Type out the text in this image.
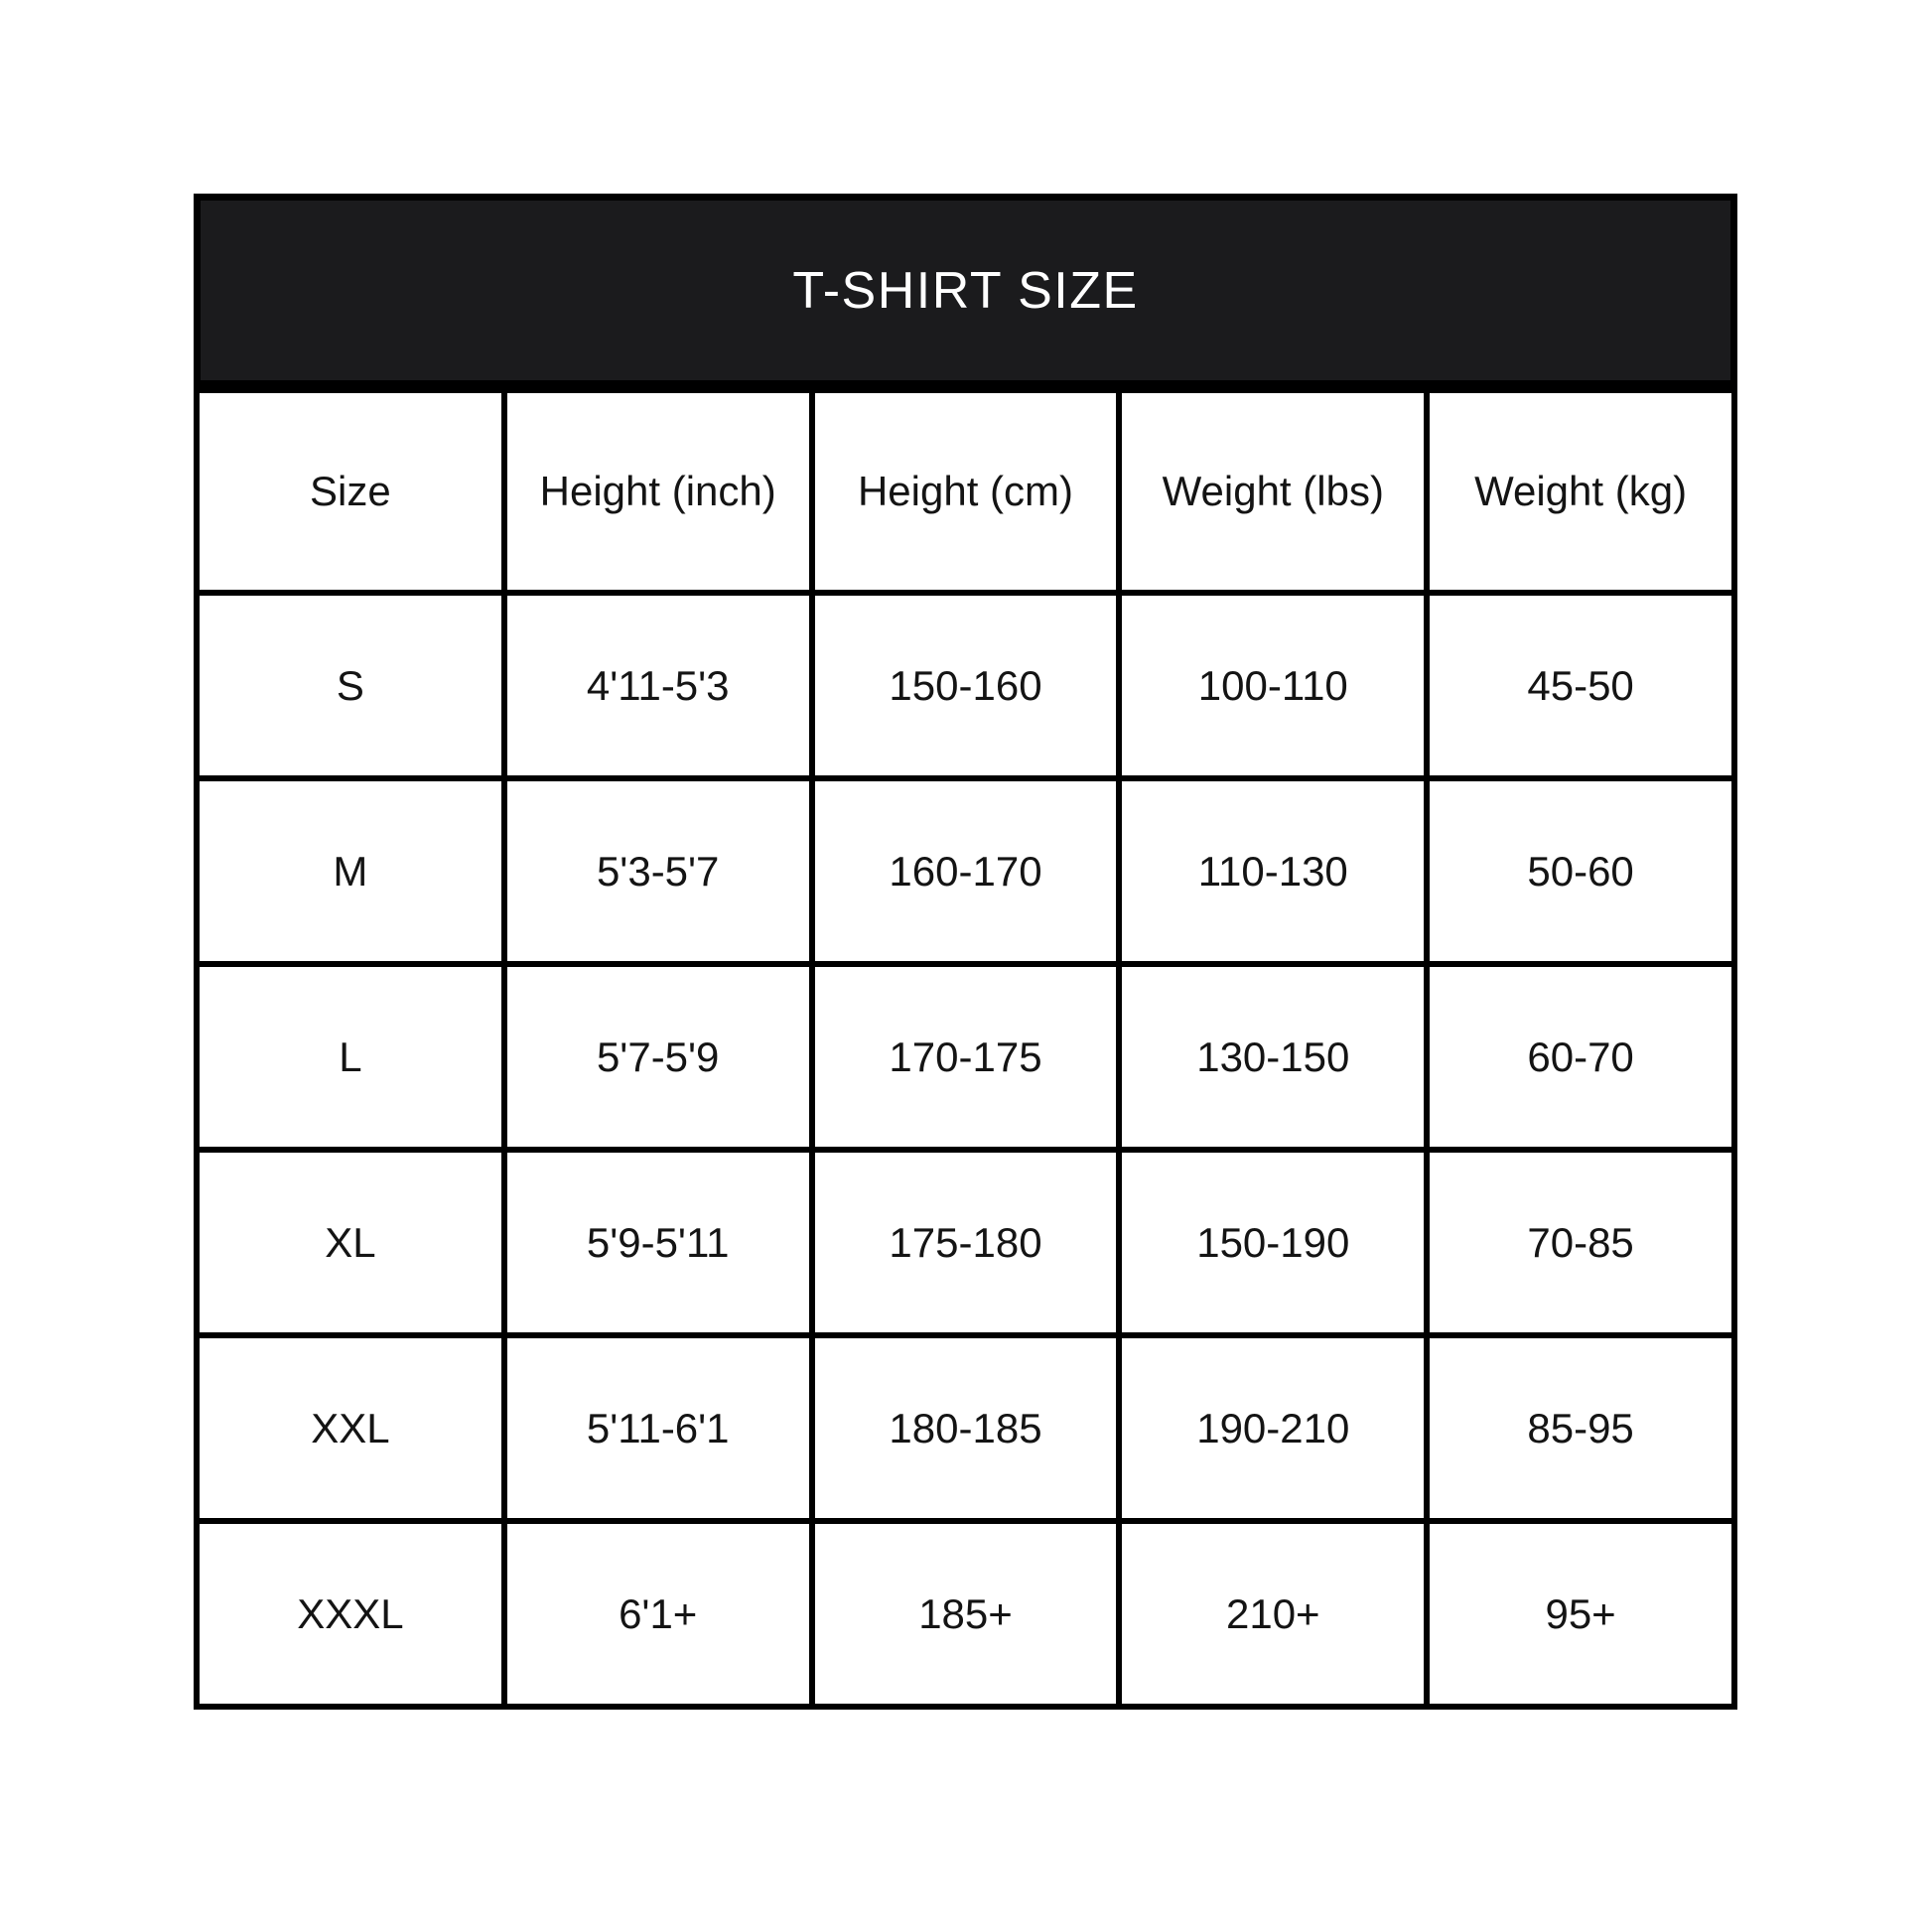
T-SHIRT SIZE
Size	Height (inch)	Height (cm)	Weight (lbs)	Weight (kg)
S	4'11-5'3	150-160	100-110	45-50
M	5'3-5'7	160-170	110-130	50-60
L	5'7-5'9	170-175	130-150	60-70
XL	5'9-5'11	175-180	150-190	70-85
XXL	5'11-6'1	180-185	190-210	85-95
XXXL	6'1+	185+	210+	95+
